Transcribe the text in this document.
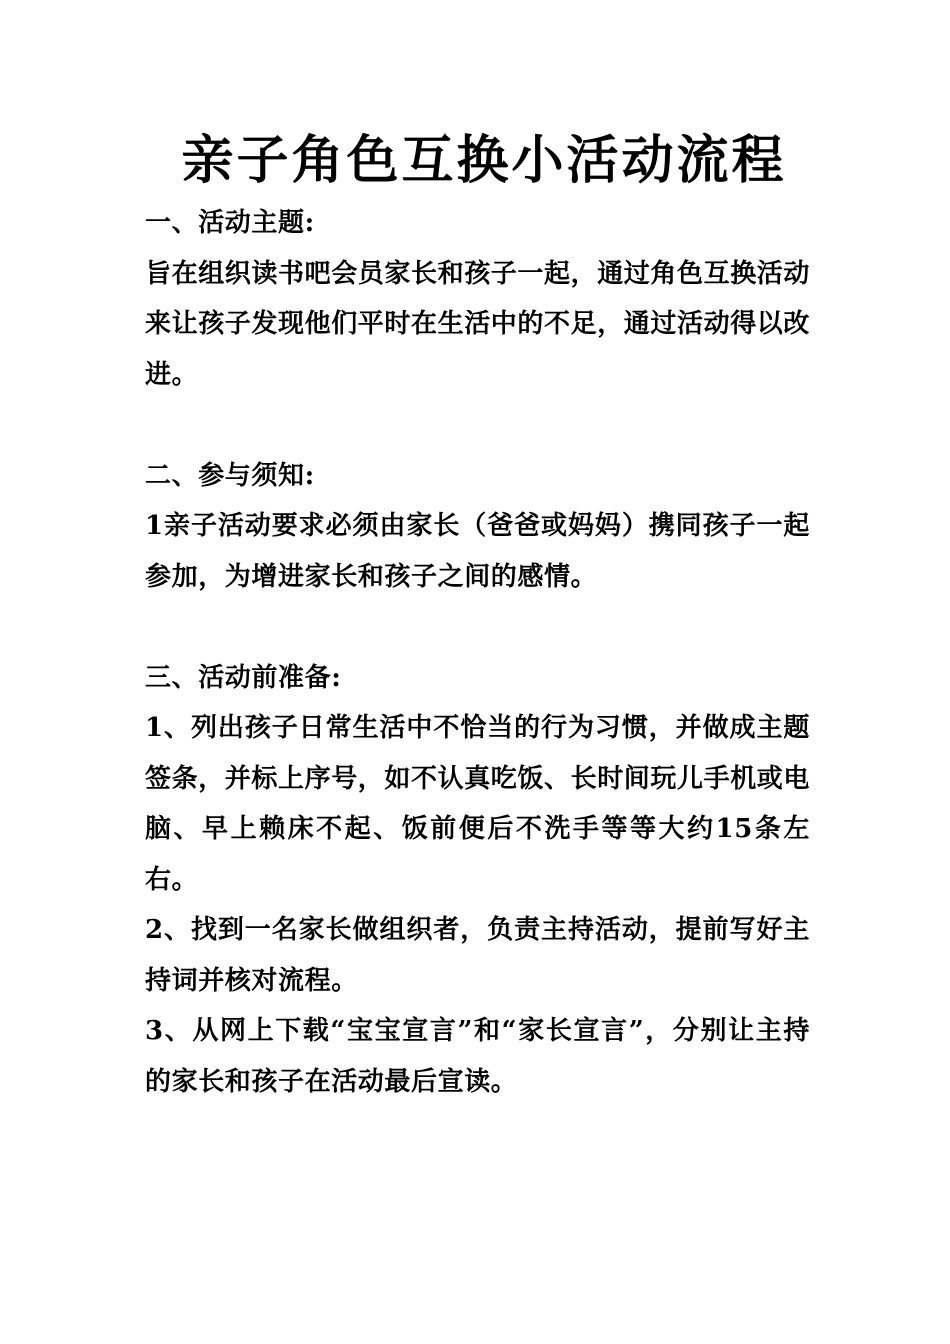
亲子角色互换小活动流程

一、活动主题:

旨在组织读书吧会员家长和孩子一起，通过角色互换活动来让孩子发现他们平时在生活中的不足，通过活动得以改进。

二、参与须知:

1亲子活动要求必须由家长（爸爸或妈妈）携同孩子一起参加，为增进家长和孩子之间的感情。

三、活动前准备:

1、列出孩子日常生活中不恰当的行为习惯，并做成主题签条，并标上序号，如不认真吃饭、长时间玩儿手机或电脑、早上赖床不起、饭前便后不洗手等等大约15条左右。

2、找到一名家长做组织者，负责主持活动，提前写好主持词并核对流程。

3、从网上下载“宝宝宣言”和“家长宣言”，分别让主持的家长和孩子在活动最后宣读。
